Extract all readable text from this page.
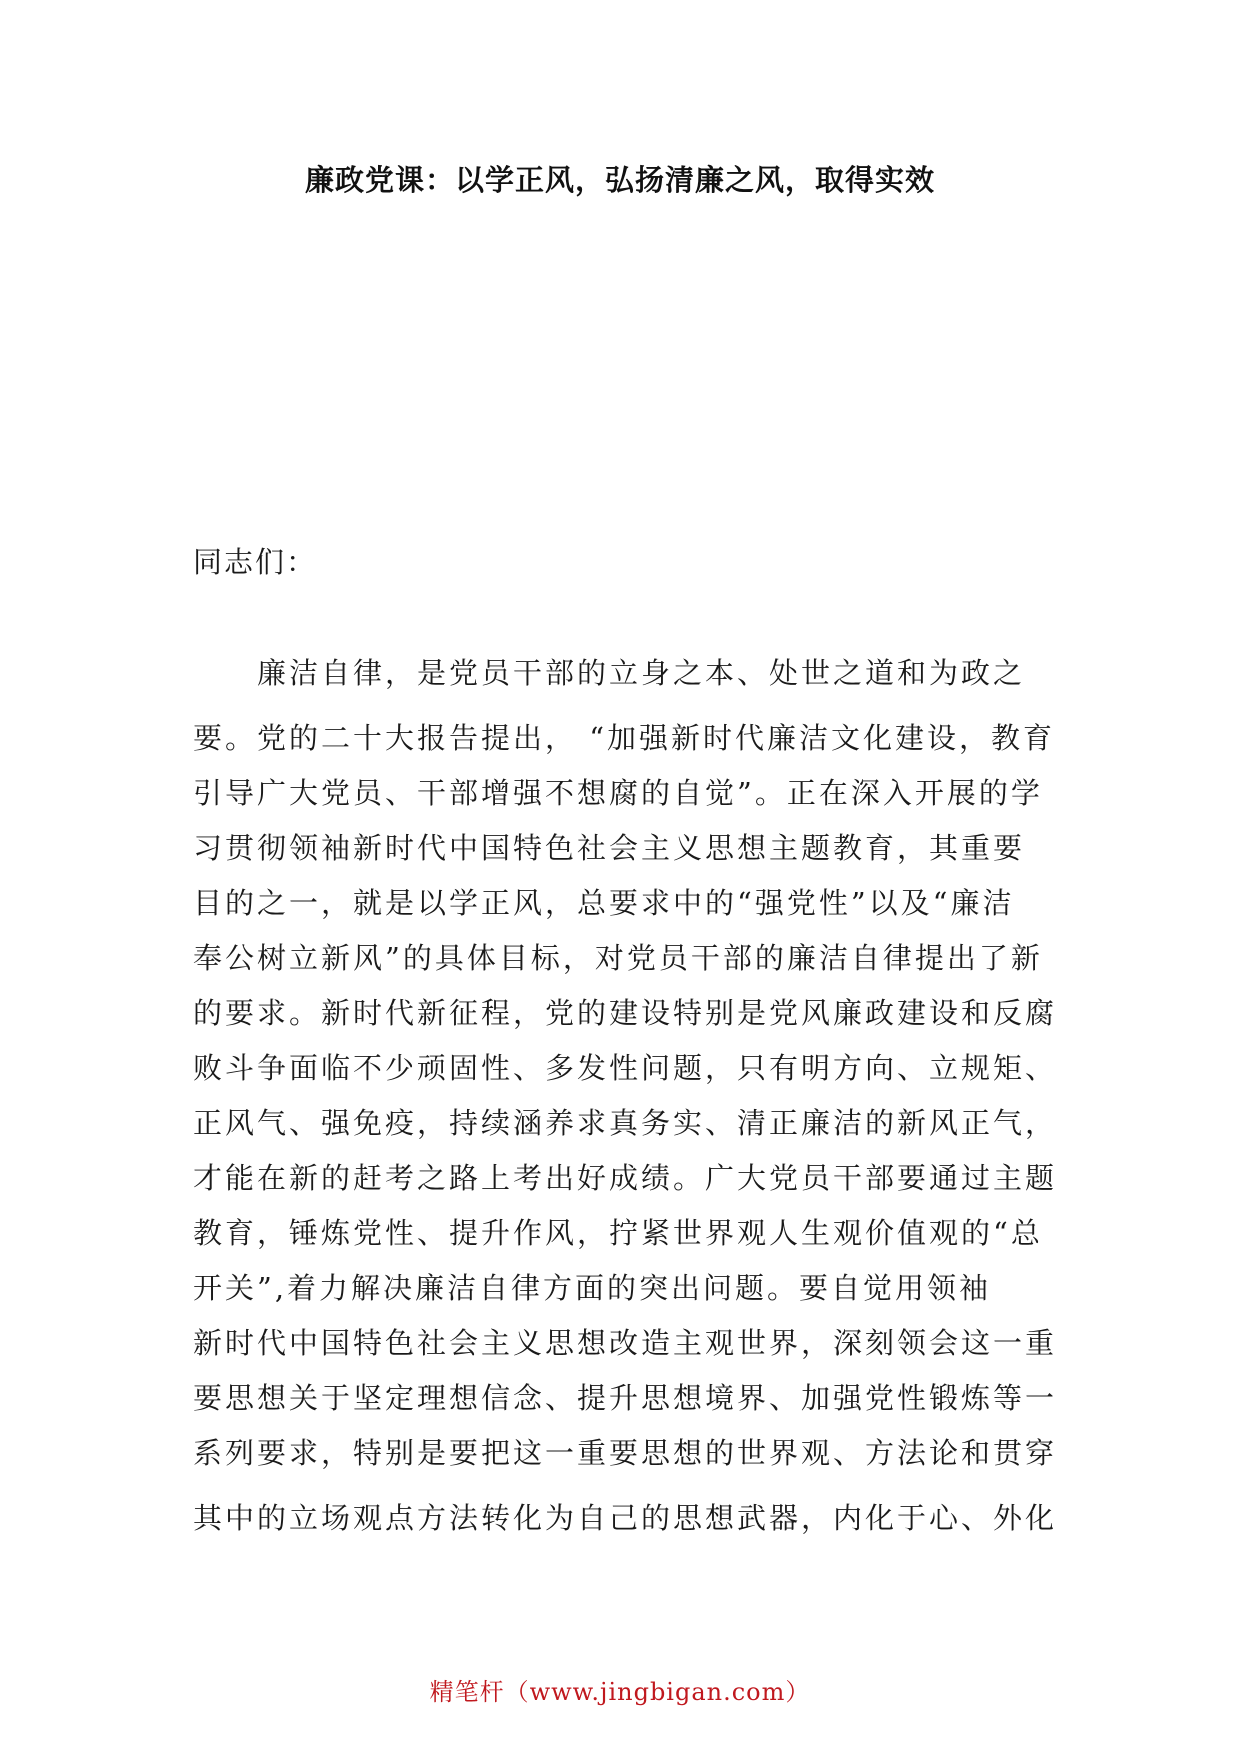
廉政党课：以学正风，弘扬清廉之风，取得实效
同志们：
廉洁自律，是党员干部的立身之本、处世之道和为政之
要。党的二十大报告提出， “加强新时代廉洁文化建设，教育
引导广大党员、干部增强不想腐的自觉”。正在深入开展的学
习贯彻领袖新时代中国特色社会主义思想主题教育，其重要
目的之一，就是以学正风，总要求中的“强党性”以及“廉洁
奉公树立新风”的具体目标，对党员干部的廉洁自律提出了新
的要求。新时代新征程，党的建设特别是党风廉政建设和反腐
败斗争面临不少顽固性、多发性问题，只有明方向、立规矩、
正风气、强免疫，持续涵养求真务实、清正廉洁的新风正气，
才能在新的赶考之路上考出好成绩。广大党员干部要通过主题
教育，锤炼党性、提升作风，拧紧世界观人生观价值观的“总
开关”,着力解决廉洁自律方面的突出问题。要自觉用领袖
新时代中国特色社会主义思想改造主观世界，深刻领会这一重
要思想关于坚定理想信念、提升思想境界、加强党性锻炼等一
系列要求，特别是要把这一重要思想的世界观、方法论和贯穿
其中的立场观点方法转化为自己的思想武器，内化于心、外化
精笔杆（www.jingbigan.com）
